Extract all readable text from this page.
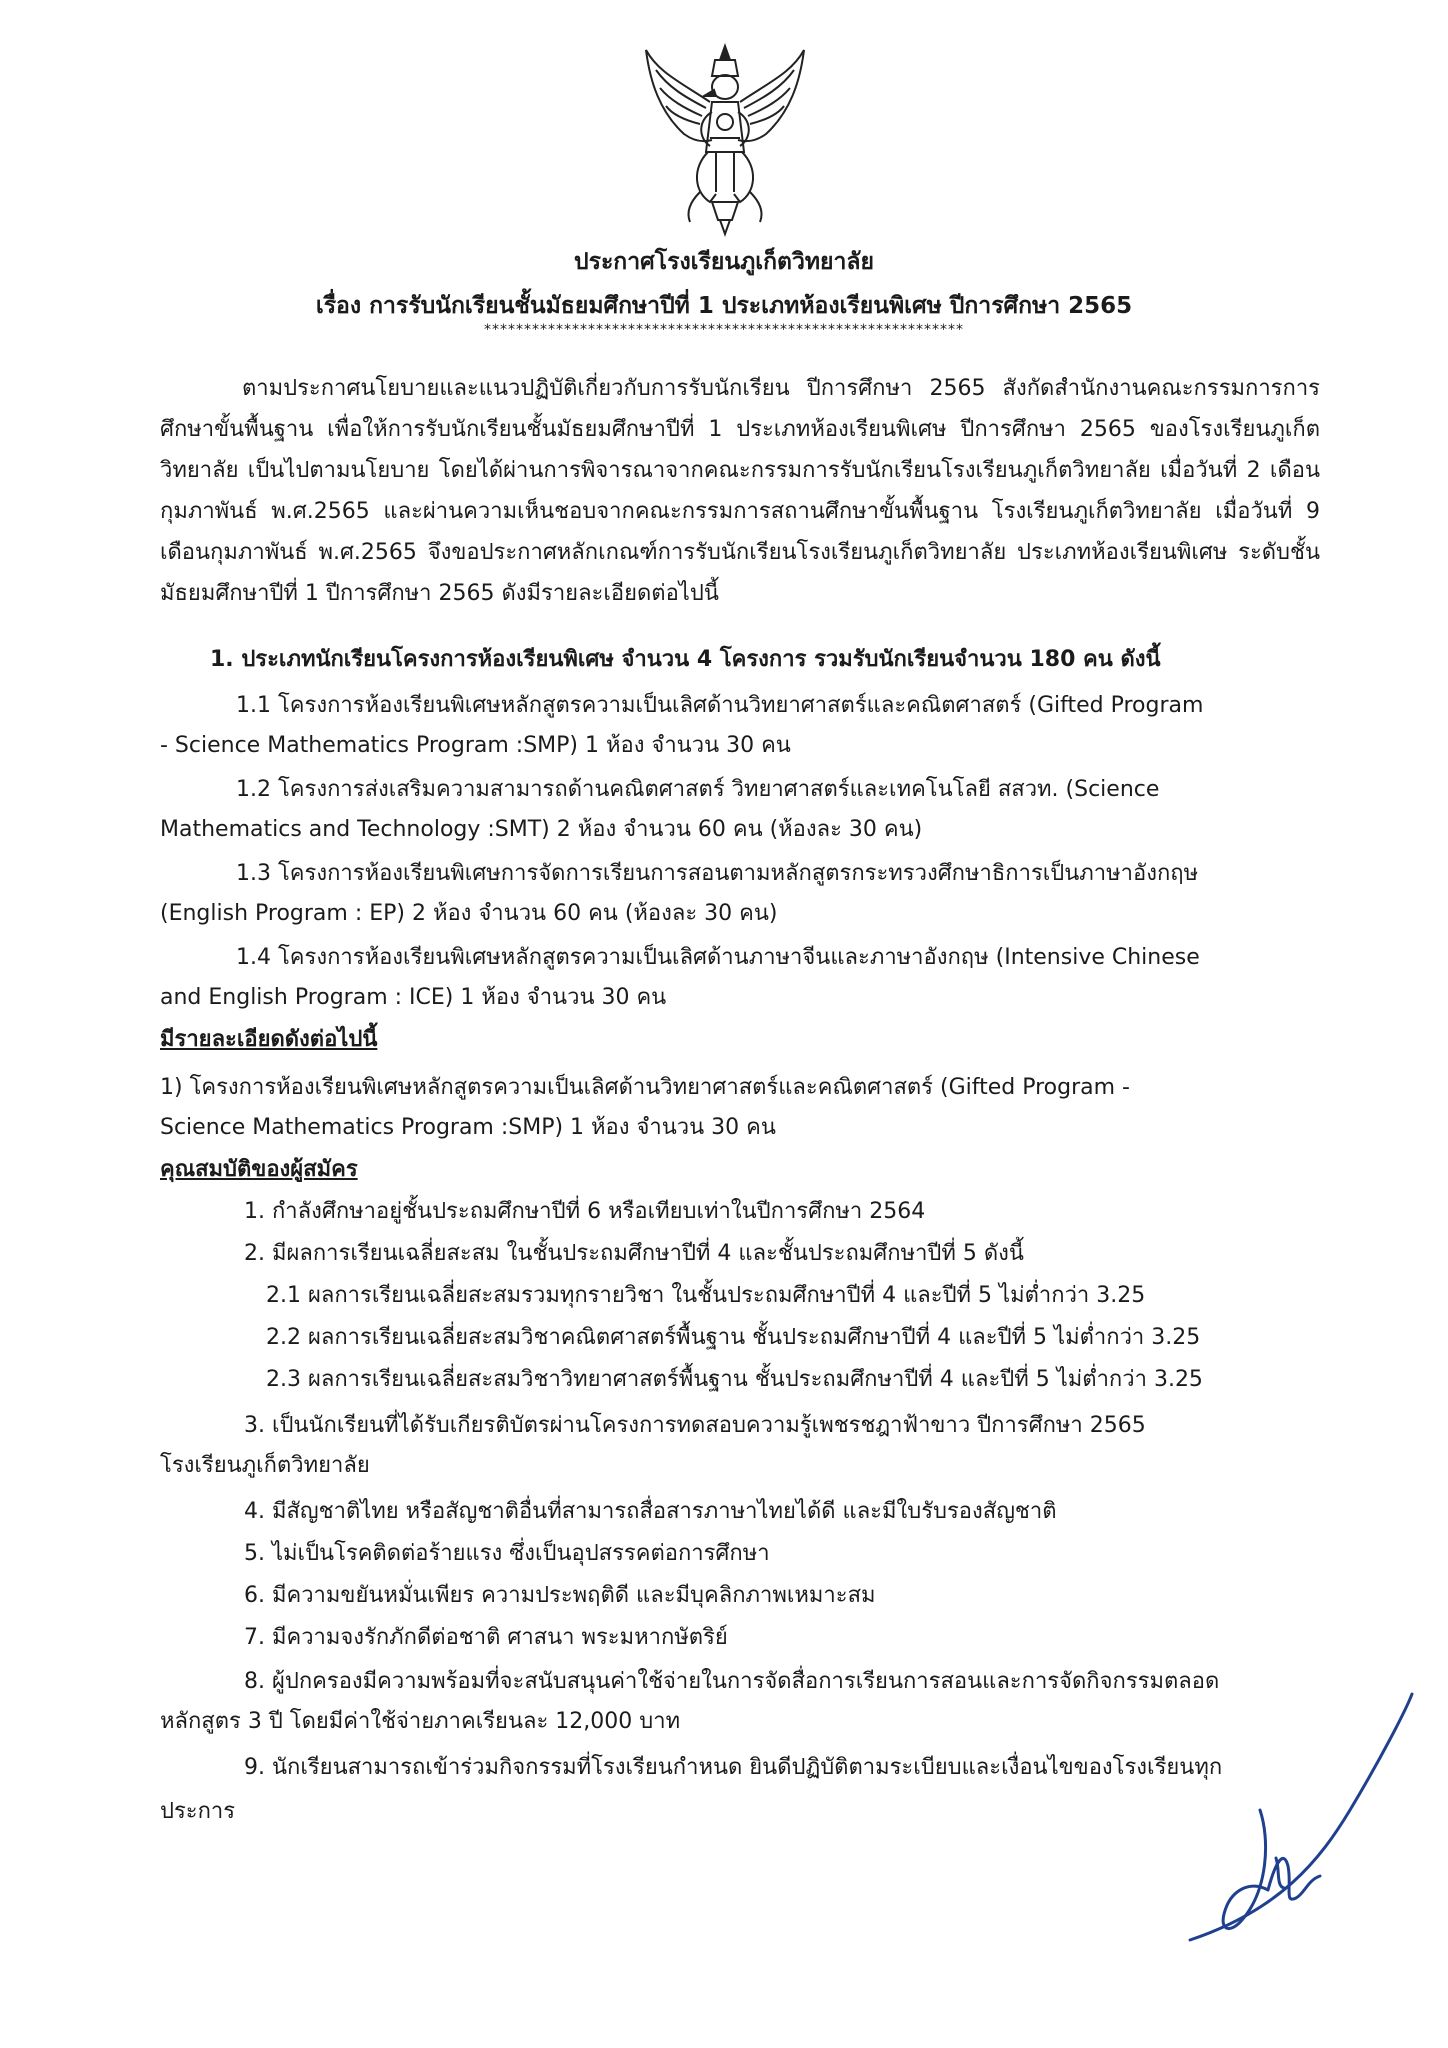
ประกาศโรงเรียนภูเก็ตวิทยาลัย
เรื่อง การรับนักเรียนชั้นมัธยมศึกษาปีที่ 1 ประเภทห้องเรียนพิเศษ ปีการศึกษา 2565
************************************************************
ตามประกาศนโยบายและแนวปฏิบัติเกี่ยวกับการรับนักเรียน ปีการศึกษา 2565 สังกัดสำนักงานคณะกรรมการการศึกษาขั้นพื้นฐาน เพื่อให้การรับนักเรียนชั้นมัธยมศึกษาปีที่ 1 ประเภทห้องเรียนพิเศษ ปีการศึกษา 2565 ของโรงเรียนภูเก็ตวิทยาลัย เป็นไปตามนโยบาย โดยได้ผ่านการพิจารณาจากคณะกรรมการรับนักเรียนโรงเรียนภูเก็ตวิทยาลัย เมื่อวันที่ 2 เดือนกุมภาพันธ์ พ.ศ.2565 และผ่านความเห็นชอบจากคณะกรรมการสถานศึกษาขั้นพื้นฐาน โรงเรียนภูเก็ตวิทยาลัย เมื่อวันที่ 9 เดือนกุมภาพันธ์ พ.ศ.2565 จึงขอประกาศหลักเกณฑ์การรับนักเรียนโรงเรียนภูเก็ตวิทยาลัย ประเภทห้องเรียนพิเศษ ระดับชั้นมัธยมศึกษาปีที่ 1 ปีการศึกษา 2565 ดังมีรายละเอียดต่อไปนี้
1. ประเภทนักเรียนโครงการห้องเรียนพิเศษ จำนวน 4 โครงการ รวมรับนักเรียนจำนวน 180 คน ดังนี้
1.1 โครงการห้องเรียนพิเศษหลักสูตรความเป็นเลิศด้านวิทยาศาสตร์และคณิตศาสตร์ (Gifted Program
- Science Mathematics Program :SMP) 1 ห้อง จำนวน 30 คน
1.2 โครงการส่งเสริมความสามารถด้านคณิตศาสตร์ วิทยาศาสตร์และเทคโนโลยี สสวท. (Science
Mathematics and Technology :SMT) 2 ห้อง จำนวน 60 คน (ห้องละ 30 คน)
1.3 โครงการห้องเรียนพิเศษการจัดการเรียนการสอนตามหลักสูตรกระทรวงศึกษาธิการเป็นภาษาอังกฤษ
(English Program : EP) 2 ห้อง จำนวน 60 คน (ห้องละ 30 คน)
1.4 โครงการห้องเรียนพิเศษหลักสูตรความเป็นเลิศด้านภาษาจีนและภาษาอังกฤษ (Intensive Chinese
and English Program : ICE) 1 ห้อง จำนวน 30 คน
มีรายละเอียดดังต่อไปนี้
1) โครงการห้องเรียนพิเศษหลักสูตรความเป็นเลิศด้านวิทยาศาสตร์และคณิตศาสตร์ (Gifted Program -
Science Mathematics Program :SMP) 1 ห้อง จำนวน 30 คน
คุณสมบัติของผู้สมัคร
1. กำลังศึกษาอยู่ชั้นประถมศึกษาปีที่ 6 หรือเทียบเท่าในปีการศึกษา 2564
2. มีผลการเรียนเฉลี่ยสะสม ในชั้นประถมศึกษาปีที่ 4 และชั้นประถมศึกษาปีที่ 5 ดังนี้
2.1 ผลการเรียนเฉลี่ยสะสมรวมทุกรายวิชา ในชั้นประถมศึกษาปีที่ 4 และปีที่ 5 ไม่ต่ำกว่า 3.25
2.2 ผลการเรียนเฉลี่ยสะสมวิชาคณิตศาสตร์พื้นฐาน ชั้นประถมศึกษาปีที่ 4 และปีที่ 5 ไม่ต่ำกว่า 3.25
2.3 ผลการเรียนเฉลี่ยสะสมวิชาวิทยาศาสตร์พื้นฐาน ชั้นประถมศึกษาปีที่ 4 และปีที่ 5 ไม่ต่ำกว่า 3.25
3. เป็นนักเรียนที่ได้รับเกียรติบัตรผ่านโครงการทดสอบความรู้เพชรชฎาฟ้าขาว ปีการศึกษา 2565
โรงเรียนภูเก็ตวิทยาลัย
4. มีสัญชาติไทย หรือสัญชาติอื่นที่สามารถสื่อสารภาษาไทยได้ดี และมีใบรับรองสัญชาติ
5. ไม่เป็นโรคติดต่อร้ายแรง ซึ่งเป็นอุปสรรคต่อการศึกษา
6. มีความขยันหมั่นเพียร ความประพฤติดี และมีบุคลิกภาพเหมาะสม
7. มีความจงรักภักดีต่อชาติ ศาสนา พระมหากษัตริย์
8. ผู้ปกครองมีความพร้อมที่จะสนับสนุนค่าใช้จ่ายในการจัดสื่อการเรียนการสอนและการจัดกิจกรรมตลอด
หลักสูตร 3 ปี โดยมีค่าใช้จ่ายภาคเรียนละ 12,000 บาท
9. นักเรียนสามารถเข้าร่วมกิจกรรมที่โรงเรียนกำหนด ยินดีปฏิบัติตามระเบียบและเงื่อนไขของโรงเรียนทุก
ประการ
